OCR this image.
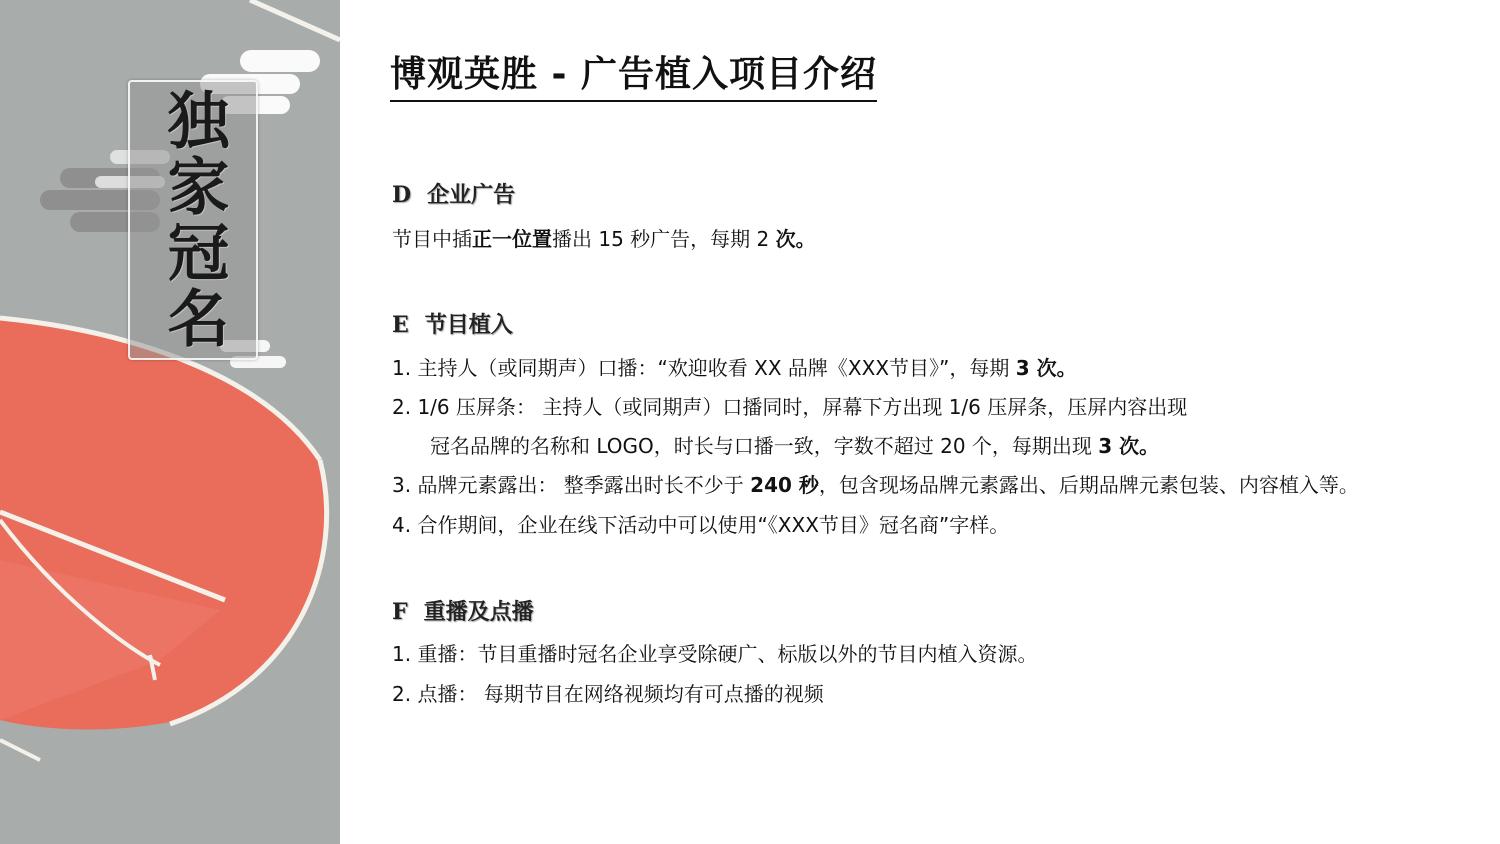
独家冠名
博观英胜 - 广告植入项目介绍
D 企业广告

节目中插正一位置播出 15 秒广告，每期 2 次。

E 节目植入

1. 主持人（或同期声）口播：“欢迎收看 XX 品牌《XXX节目》”，每期 3 次。

2. 1/6 压屏条： 主持人（或同期声）口播同时，屏幕下方出现 1/6 压屏条，压屏内容出现

冠名品牌的名称和 LOGO，时长与口播一致，字数不超过 20 个，每期出现 3 次。

3. 品牌元素露出： 整季露出时长不少于 240 秒，包含现场品牌元素露出、后期品牌元素包装、内容植入等。

4. 合作期间，企业在线下活动中可以使用“《XXX节目》冠名商”字样。

F 重播及点播

1. 重播：节目重播时冠名企业享受除硬广、标版以外的节目内植入资源。

2. 点播： 每期节目在网络视频均有可点播的视频
